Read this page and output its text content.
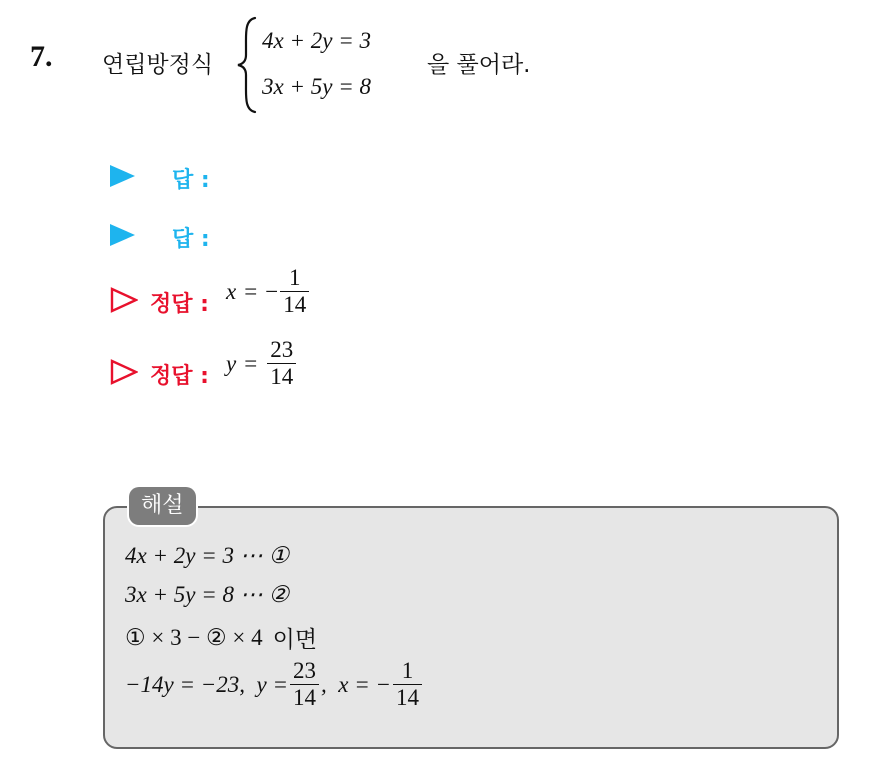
7. 연립방정식
4x + 2y = 3
3x + 5y = 8
을 풀어라.
답 :
답 :
정답 :
x = − $\frac{1}{14}$
정답 :
$y = \frac{23}{14}$
해설
4x + 2y = 3 ⋯ ①
3x + 5y = 8 ⋯ ②
① × 3 − ② × 4 이면
−14y = −23,  $y = \frac{23}{14}$ ,  x = − $\frac{1}{14}$
